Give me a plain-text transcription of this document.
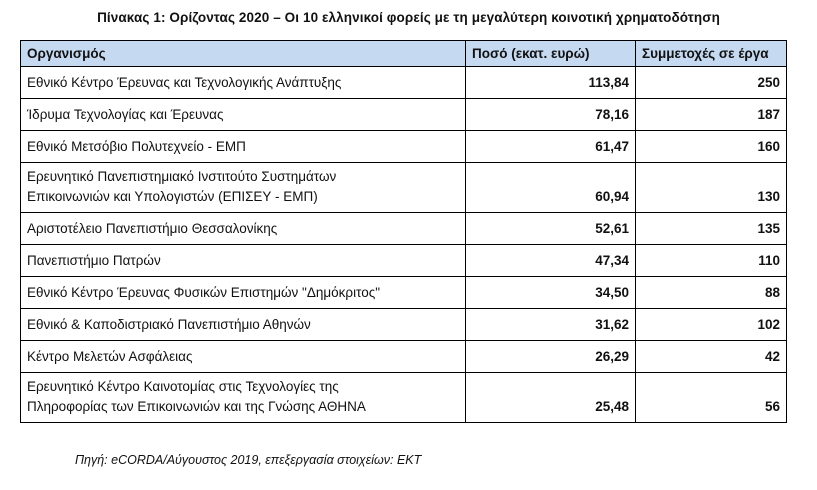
Πίνακας 1: Ορίζοντας 2020 – Οι 10 ελληνικοί φορείς με τη μεγαλύτερη κοινοτική χρηματοδότηση
Οργανισμός	Ποσό (εκατ. ευρώ)	Συμμετοχές σε έργα

Εθνικό Κέντρο Έρευνας και Τεχνολογικής Ανάπτυξης	113,84	250

Ίδρυμα Τεχνολογίας και Έρευνας	78,16	187

Εθνικό Μετσόβιο Πολυτεχνείο - ΕΜΠ	61,47	160

Ερευνητικό Πανεπιστημιακό Ινστιτούτο Συστημάτων
Επικοινωνιών και Υπολογιστών (ΕΠΙΣΕΥ - ΕΜΠ)	60,94	130

Αριστοτέλειο Πανεπιστήμιο Θεσσαλονίκης	52,61	135

Πανεπιστήμιο Πατρών	47,34	110

Εθνικό Κέντρο Έρευνας Φυσικών Επιστημών "Δημόκριτος"	34,50	88

Εθνικό & Καποδιστριακό Πανεπιστήμιο Αθηνών	31,62	102

Κέντρο Μελετών Ασφάλειας	26,29	42

Ερευνητικό Κέντρο Καινοτομίας στις Τεχνολογίες της
Πληροφορίας των Επικοινωνιών και της Γνώσης ΑΘΗΝΑ	25,48	56
Πηγή: eCORDA/Αύγουστος 2019, επεξεργασία στοιχείων: ΕΚΤ
